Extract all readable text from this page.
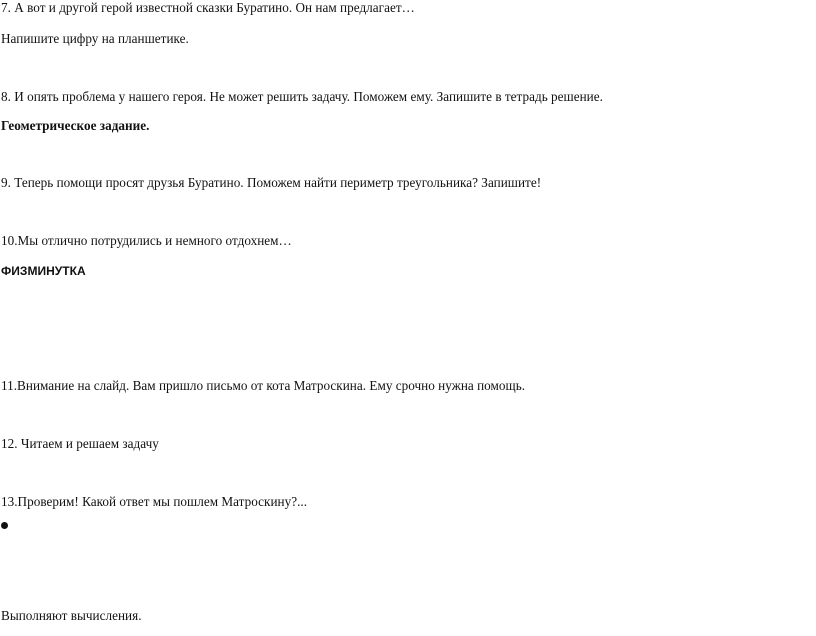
7. А вот и другой герой известной сказки Буратино. Он нам предлагает…
Напишите цифру на планшетике.
8. И опять проблема у нашего героя. Не может решить задачу. Поможем ему. Запишите в тетрадь решение.
Геометрическое задание.
9. Теперь помощи просят друзья Буратино. Поможем найти периметр треугольника? Запишите!
10.Мы отлично потрудились и немного отдохнем…
ФИЗМИНУТКА
11.Внимание на слайд. Вам пришло письмо от кота Матроскина. Ему срочно нужна помощь.
12. Читаем и решаем задачу
13.Проверим! Какой ответ мы пошлем Матроскину?...
Выполняют вычисления.
